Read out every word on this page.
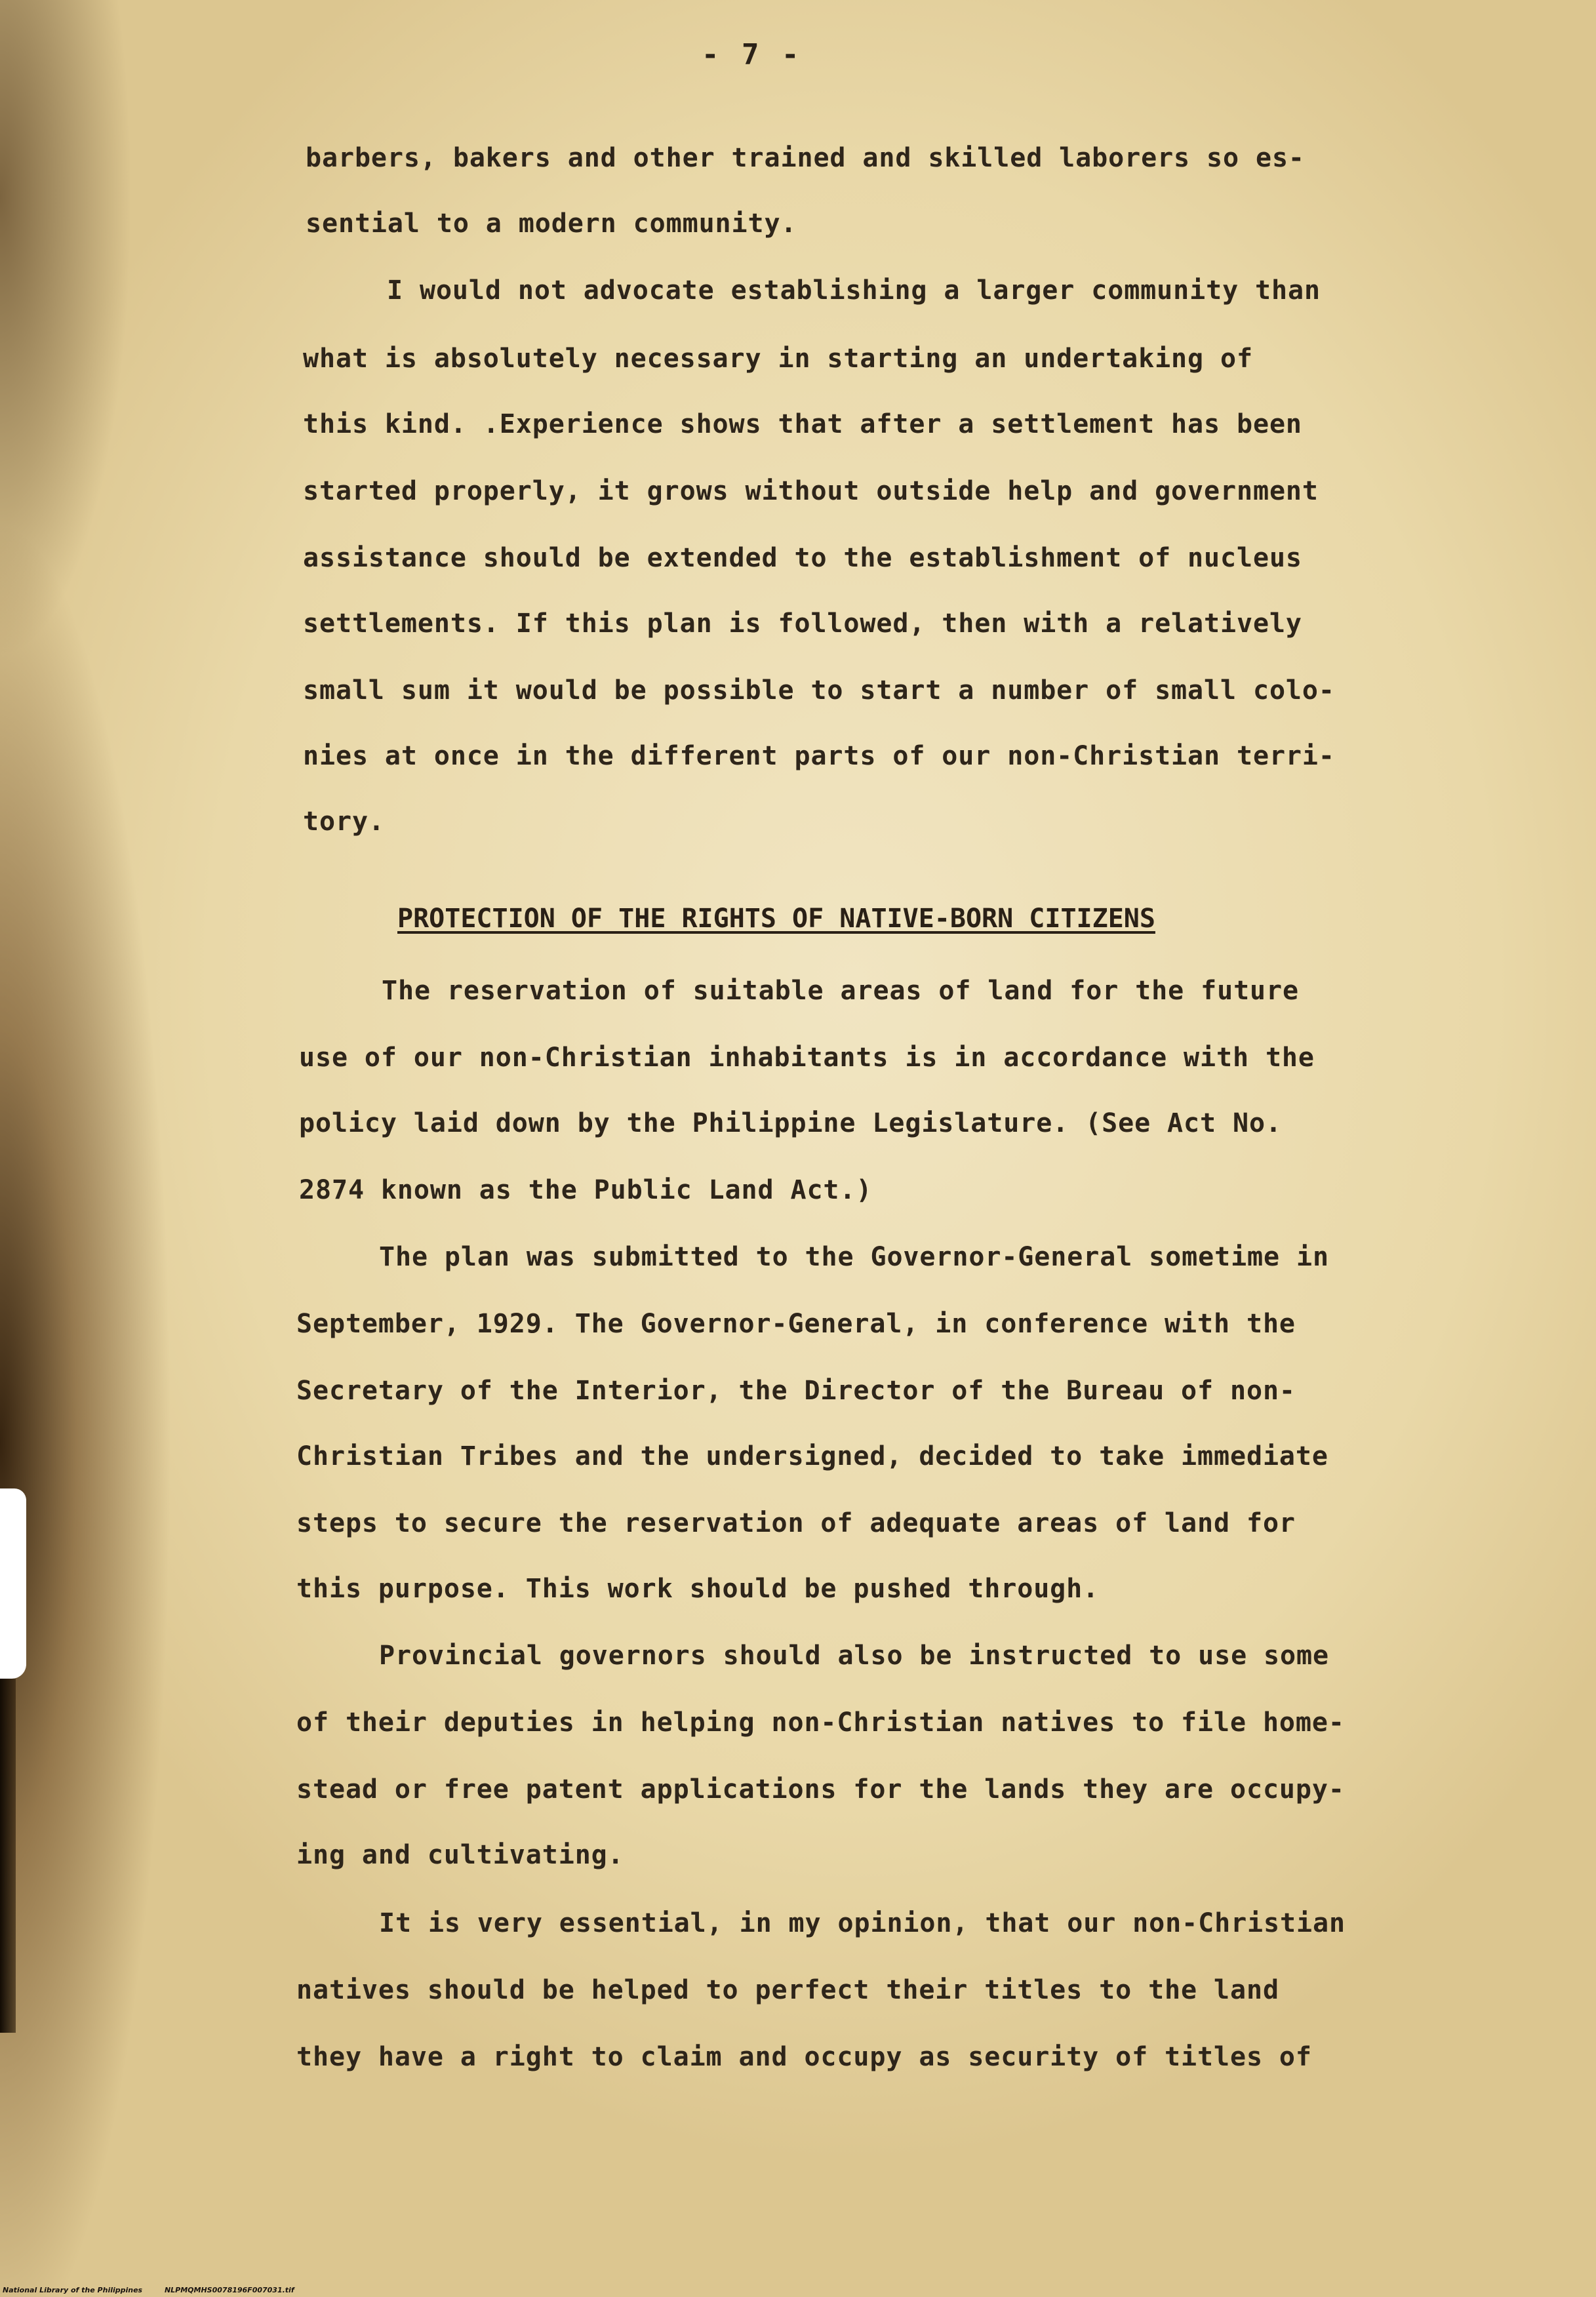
- 7 -
barbers, bakers and other trained and skilled laborers so es-
sential to a modern community.
I would not advocate establishing a larger community than
what is absolutely necessary in starting an undertaking of
this kind. .Experience shows that after a settlement has been
started properly, it grows without outside help and government
assistance should be extended to the establishment of nucleus
settlements. If this plan is followed, then with a relatively
small sum it would be possible to start a number of small colo-
nies at once in the different parts of our non-Christian terri-
tory.
PROTECTION OF THE RIGHTS OF NATIVE-BORN CITIZENS
The reservation of suitable areas of land for the future
use of our non-Christian inhabitants is in accordance with the
policy laid down by the Philippine Legislature. (See Act No.
2874 known as the Public Land Act.)
The plan was submitted to the Governor-General sometime in
September, 1929. The Governor-General, in conference with the
Secretary of the Interior, the Director of the Bureau of non-
Christian Tribes and the undersigned, decided to take immediate
steps to secure the reservation of adequate areas of land for
this purpose. This work should be pushed through.
Provincial governors should also be instructed to use some
of their deputies in helping non-Christian natives to file home-
stead or free patent applications for the lands they are occupy-
ing and cultivating.
It is very essential, in my opinion, that our non-Christian
natives should be helped to perfect their titles to the land
they have a right to claim and occupy as security of titles of
National Library of the Philippines	NLPMQMHS0078196F007031.tif
